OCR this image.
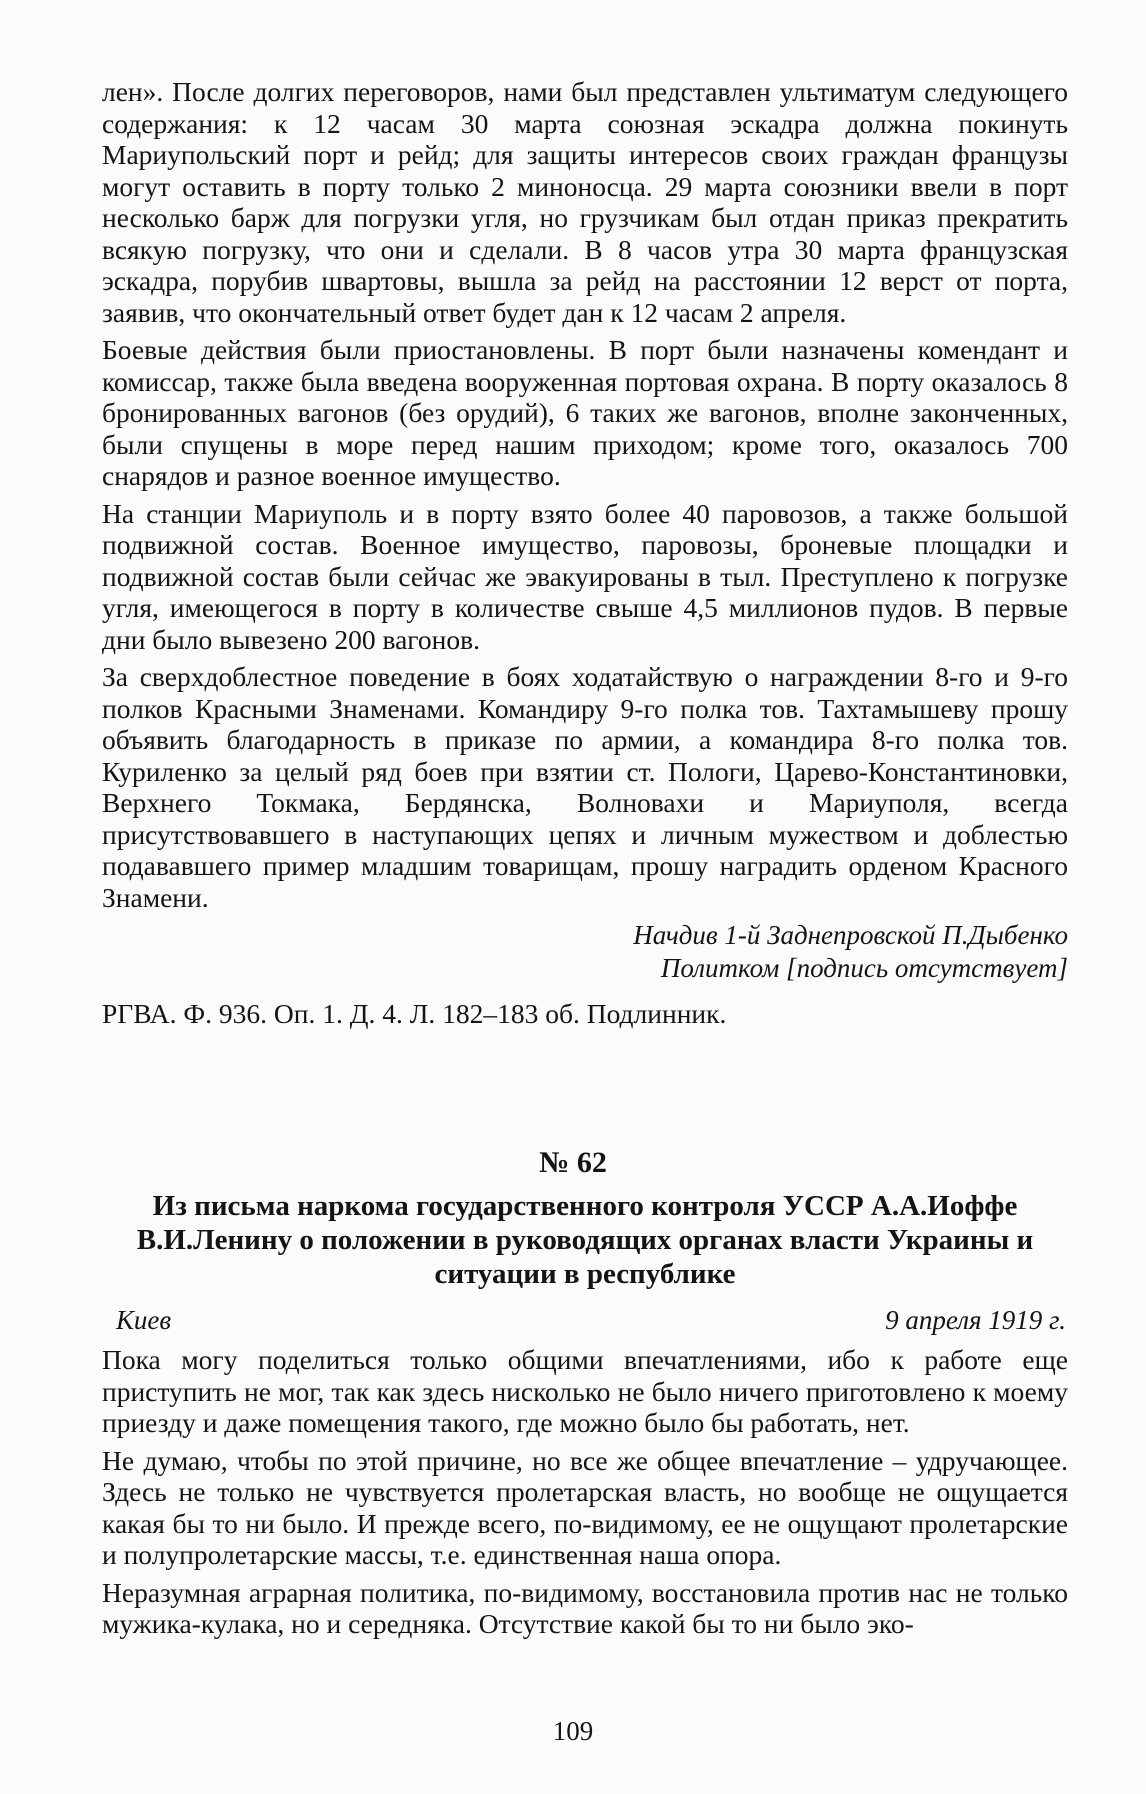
лен». После долгих переговоров, нами был представлен ультиматум следующего содержания: к 12 часам 30 марта союзная эскадра должна покинуть Мариупольский порт и рейд; для защиты интересов своих граждан французы могут оставить в порту только 2 миноносца. 29 марта союзники ввели в порт несколько барж для погрузки угля, но грузчикам был отдан приказ прекратить всякую погрузку, что они и сделали. В 8 часов утра 30 марта французская эскадра, порубив швартовы, вышла за рейд на расстоянии 12 верст от порта, заявив, что окончательный ответ будет дан к 12 часам 2 апреля.

Боевые действия были приостановлены. В порт были назначены комендант и комиссар, также была введена вооруженная портовая охрана. В порту оказалось 8 бронированных вагонов (без орудий), 6 таких же вагонов, вполне законченных, были спущены в море перед нашим приходом; кроме того, оказалось 700 снарядов и разное военное имущество.

На станции Мариуполь и в порту взято более 40 паровозов, а также большой подвижной состав. Военное имущество, паровозы, броневые площадки и подвижной состав были сейчас же эвакуированы в тыл. Преступлено к погрузке угля, имеющегося в порту в количестве свыше 4,5 миллионов пудов. В первые дни было вывезено 200 вагонов.

За сверхдоблестное поведение в боях ходатайствую о награждении 8-го и 9-го полков Красными Знаменами. Командиру 9-го полка тов. Тахтамышеву прошу объявить благодарность в приказе по армии, а командира 8-го полка тов. Куриленко за целый ряд боев при взятии ст. Пологи, Царево-Константиновки, Верхнего Токмака, Бердянска, Волновахи и Мариуполя, всегда присутствовавшего в наступающих цепях и личным мужеством и доблестью подававшего пример младшим товарищам, прошу наградить орденом Красного Знамени.

Начдив 1-й Заднепровской П.Дыбенко
Политком [подпись отсутствует]
РГВА. Ф. 936. Оп. 1. Д. 4. Л. 182–183 об. Подлинник.
№ 62
Из письма наркома государственного контроля УССР А.А.Иоффе В.И.Ленину о положении в руководящих органах власти Украины и ситуации в республике
Киев	9 апреля 1919 г.

Пока могу поделиться только общими впечатлениями, ибо к работе еще приступить не мог, так как здесь нисколько не было ничего приготовлено к моему приезду и даже помещения такого, где можно было бы работать, нет.

Не думаю, чтобы по этой причине, но все же общее впечатление – удручающее. Здесь не только не чувствуется пролетарская власть, но вообще не ощущается какая бы то ни было. И прежде всего, по-видимому, ее не ощущают пролетарские и полупролетарские массы, т.е. единственная наша опора.

Неразумная аграрная политика, по-видимому, восстановила против нас не только мужика-кулака, но и середняка. Отсутствие какой бы то ни было эко-

109
